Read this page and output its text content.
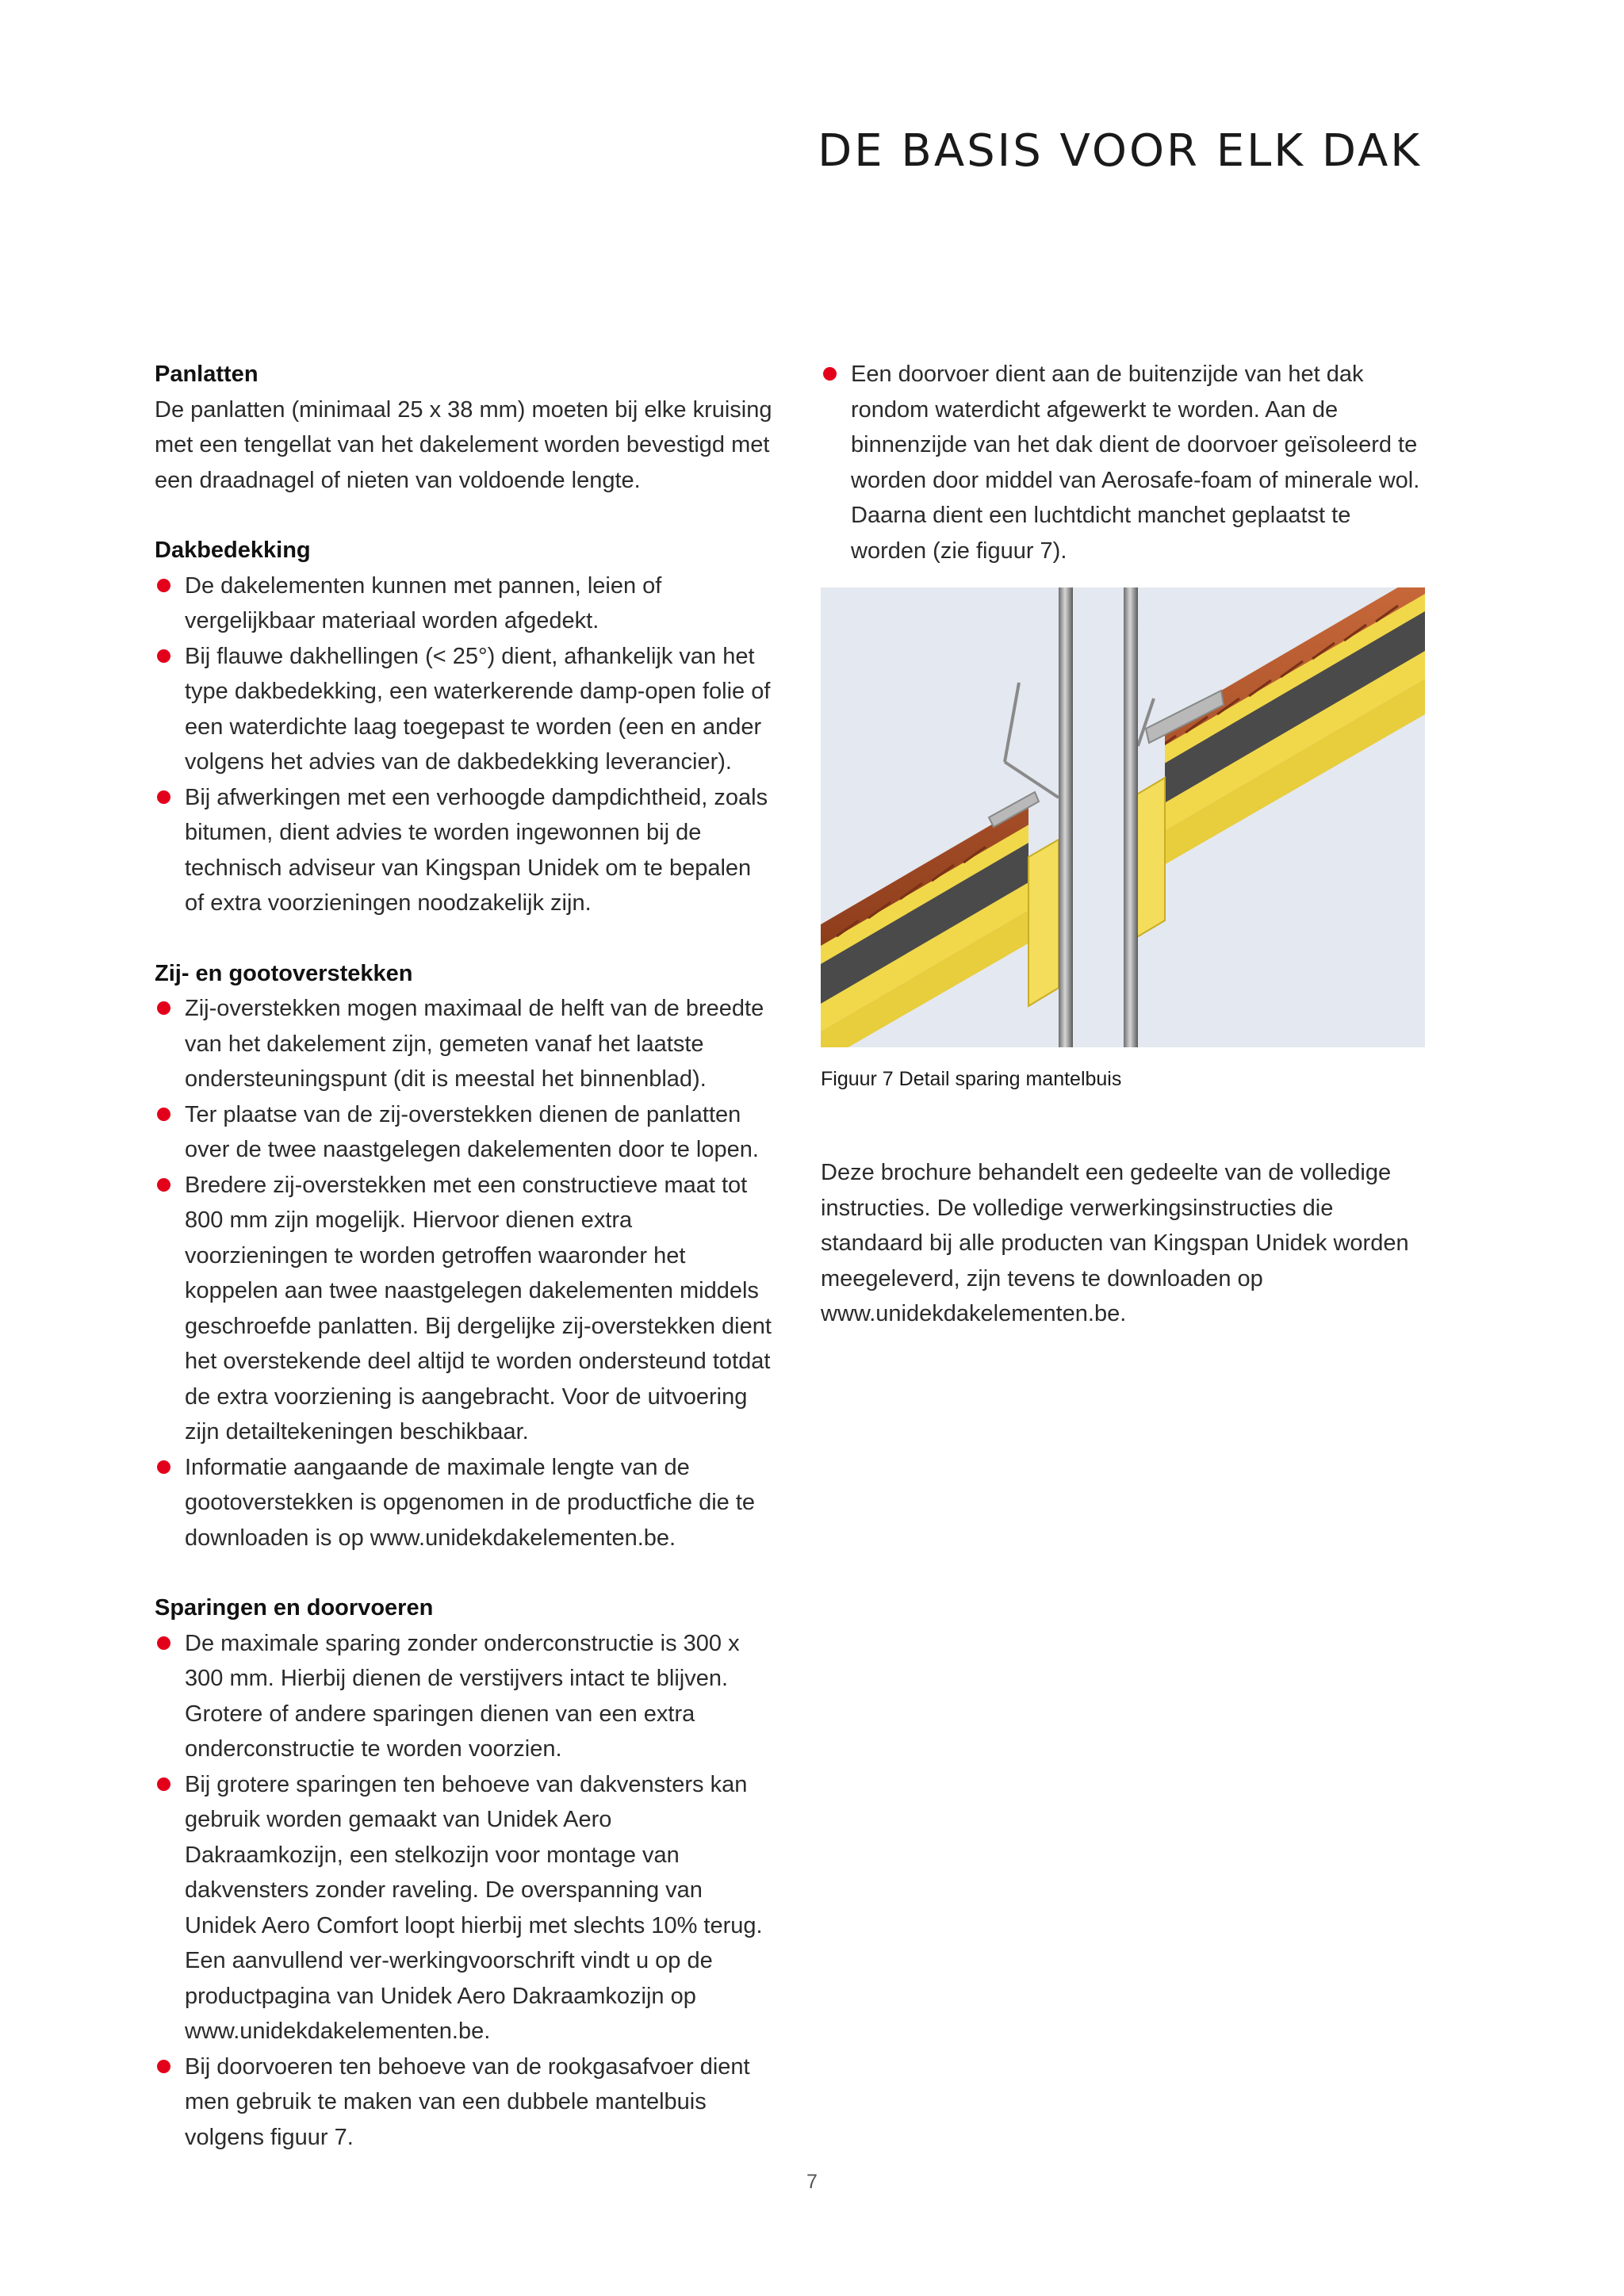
DE BASIS VOOR ELK DAK

Panlatten

De panlatten (minimaal 25 x 38 mm) moeten bij elke kruising met een tengellat van het dakelement worden bevestigd met een draadnagel of nieten van voldoende lengte.

Dakbedekking

De dakelementen kunnen met pannen, leien of vergelijkbaar materiaal worden afgedekt.
Bij flauwe dakhellingen (< 25°) dient, afhankelijk van het type dakbedekking, een waterkerende damp-open folie of een waterdichte laag toegepast te worden (een en ander volgens het advies van de dakbedekking leverancier).
Bij afwerkingen met een verhoogde dampdichtheid, zoals bitumen, dient advies te worden ingewonnen bij de technisch adviseur van Kingspan Unidek om te bepalen of extra voorzieningen noodzakelijk zijn.

Zij- en gootoverstekken

Zij-overstekken mogen maximaal de helft van de breedte van het dakelement zijn, gemeten vanaf het laatste ondersteuningspunt (dit is meestal het binnenblad).
Ter plaatse van de zij-overstekken dienen de panlatten over de twee naastgelegen dakelementen door te lopen.
Bredere zij-overstekken met een constructieve maat tot 800 mm zijn mogelijk. Hiervoor dienen extra voorzieningen te worden getroffen waaronder het koppelen aan twee naastgelegen dakelementen middels geschroefde panlatten. Bij dergelijke zij-overstekken dient het overstekende deel altijd te worden ondersteund totdat de extra voorziening is aangebracht. Voor de uitvoering zijn detailtekeningen beschikbaar.
Informatie aangaande de maximale lengte van de gootoverstekken is opgenomen in de productfiche die te downloaden is op www.unidekdakelementen.be.

Sparingen en doorvoeren

De maximale sparing zonder onderconstructie is 300 x 300 mm. Hierbij dienen de verstijvers intact te blijven. Grotere of andere sparingen dienen van een extra onderconstructie te worden voorzien.
Bij grotere sparingen ten behoeve van dakvensters kan gebruik worden gemaakt van Unidek Aero Dakraamkozijn, een stelkozijn voor montage van dakvensters zonder raveling. De overspanning van Unidek Aero Comfort loopt hierbij met slechts 10% terug. Een aanvullend ver-werkingvoorschrift vindt u op de productpagina van Unidek Aero Dakraamkozijn op www.unidekdakelementen.be.
Bij doorvoeren ten behoeve van de rookgasafvoer dient men gebruik te maken van een dubbele mantelbuis volgens figuur 7.
Een doorvoer dient aan de buitenzijde van het dak rondom waterdicht afgewerkt te worden. Aan de binnenzijde van het dak dient de doorvoer geïsoleerd te worden door middel van Aerosafe-foam of minerale wol. Daarna dient een luchtdicht manchet geplaatst te worden (zie figuur 7).

Figuur 7 Detail sparing mantelbuis

Deze brochure behandelt een gedeelte van de volledige instructies. De volledige verwerkingsinstructies die standaard bij alle producten van Kingspan Unidek worden meegeleverd, zijn tevens te downloaden op www.unidekdakelementen.be.

7
